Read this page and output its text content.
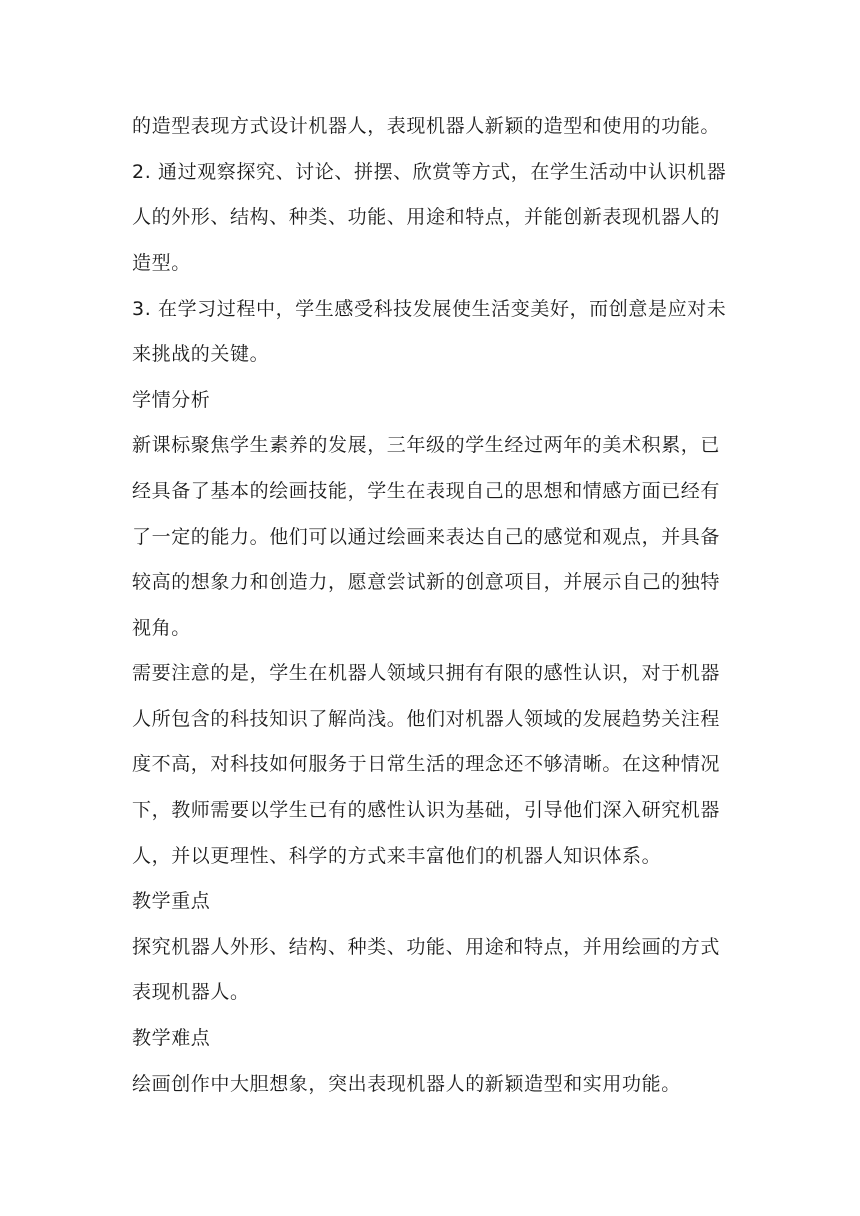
的造型表现方式设计机器人，表现机器人新颖的造型和使用的功能。
2. 通过观察探究、讨论、拼摆、欣赏等方式，在学生活动中认识机器
人的外形、结构、种类、功能、用途和特点，并能创新表现机器人的
造型。
3. 在学习过程中，学生感受科技发展使生活变美好，而创意是应对未
来挑战的关键。
学情分析
新课标聚焦学生素养的发展，三年级的学生经过两年的美术积累，已
经具备了基本的绘画技能，学生在表现自己的思想和情感方面已经有
了一定的能力。他们可以通过绘画来表达自己的感觉和观点，并具备
较高的想象力和创造力，愿意尝试新的创意项目，并展示自己的独特
视角。
需要注意的是，学生在机器人领域只拥有有限的感性认识，对于机器
人所包含的科技知识了解尚浅。他们对机器人领域的发展趋势关注程
度不高，对科技如何服务于日常生活的理念还不够清晰。在这种情况
下，教师需要以学生已有的感性认识为基础，引导他们深入研究机器
人，并以更理性、科学的方式来丰富他们的机器人知识体系。
教学重点
探究机器人外形、结构、种类、功能、用途和特点，并用绘画的方式
表现机器人。
教学难点
绘画创作中大胆想象，突出表现机器人的新颖造型和实用功能。
